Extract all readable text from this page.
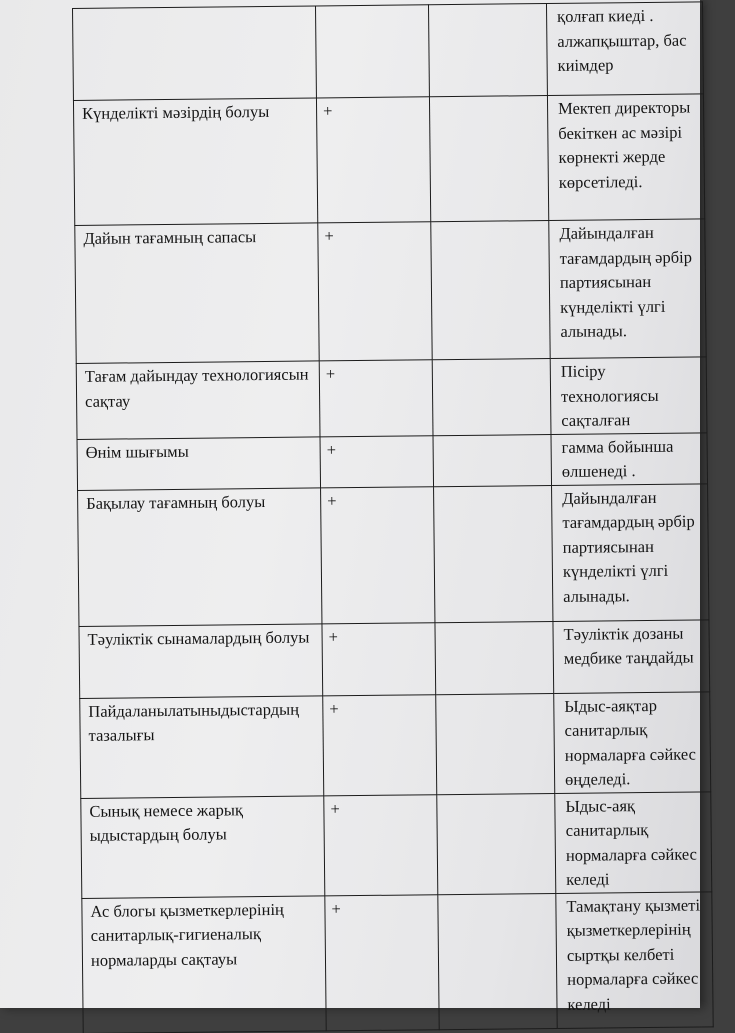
			қолғап киеді . алжапқыштар, бас киімдер
Күнделікті мәзірдің болуы	+		Мектеп директоры бекіткен ас мәзірі көрнекті жерде көрсетіледі.
Дайын тағамның сапасы	+		Дайындалған тағамдардың әрбір партиясынан күнделікті үлгі алынады.
Тағам дайындау технологиясын сақтау	+		Пісіру технологиясы сақталған
Өнім шығымы	+		гамма бойынша өлшенеді .
Бақылау тағамның болуы	+		Дайындалған тағамдардың әрбір партиясынан күнделікті үлгі алынады.
Тәуліктік сынамалардың болуы	+		Тәуліктік дозаны медбике таңдайды
Пайдаланылатыныдыстардың тазалығы	+		Ыдыс-аяқтар санитарлық нормаларға сәйкес өңделеді.
Сынық немесе жарық ыдыстардың болуы	+		Ыдыс-аяқ санитарлық нормаларға сәйкес келеді
Ас блогы қызметкерлерінің санитарлық-гигиеналық нормаларды сақтауы	+		Тамақтану қызметі қызметкерлерінің сыртқы келбеті нормаларға сәйкес келеді
